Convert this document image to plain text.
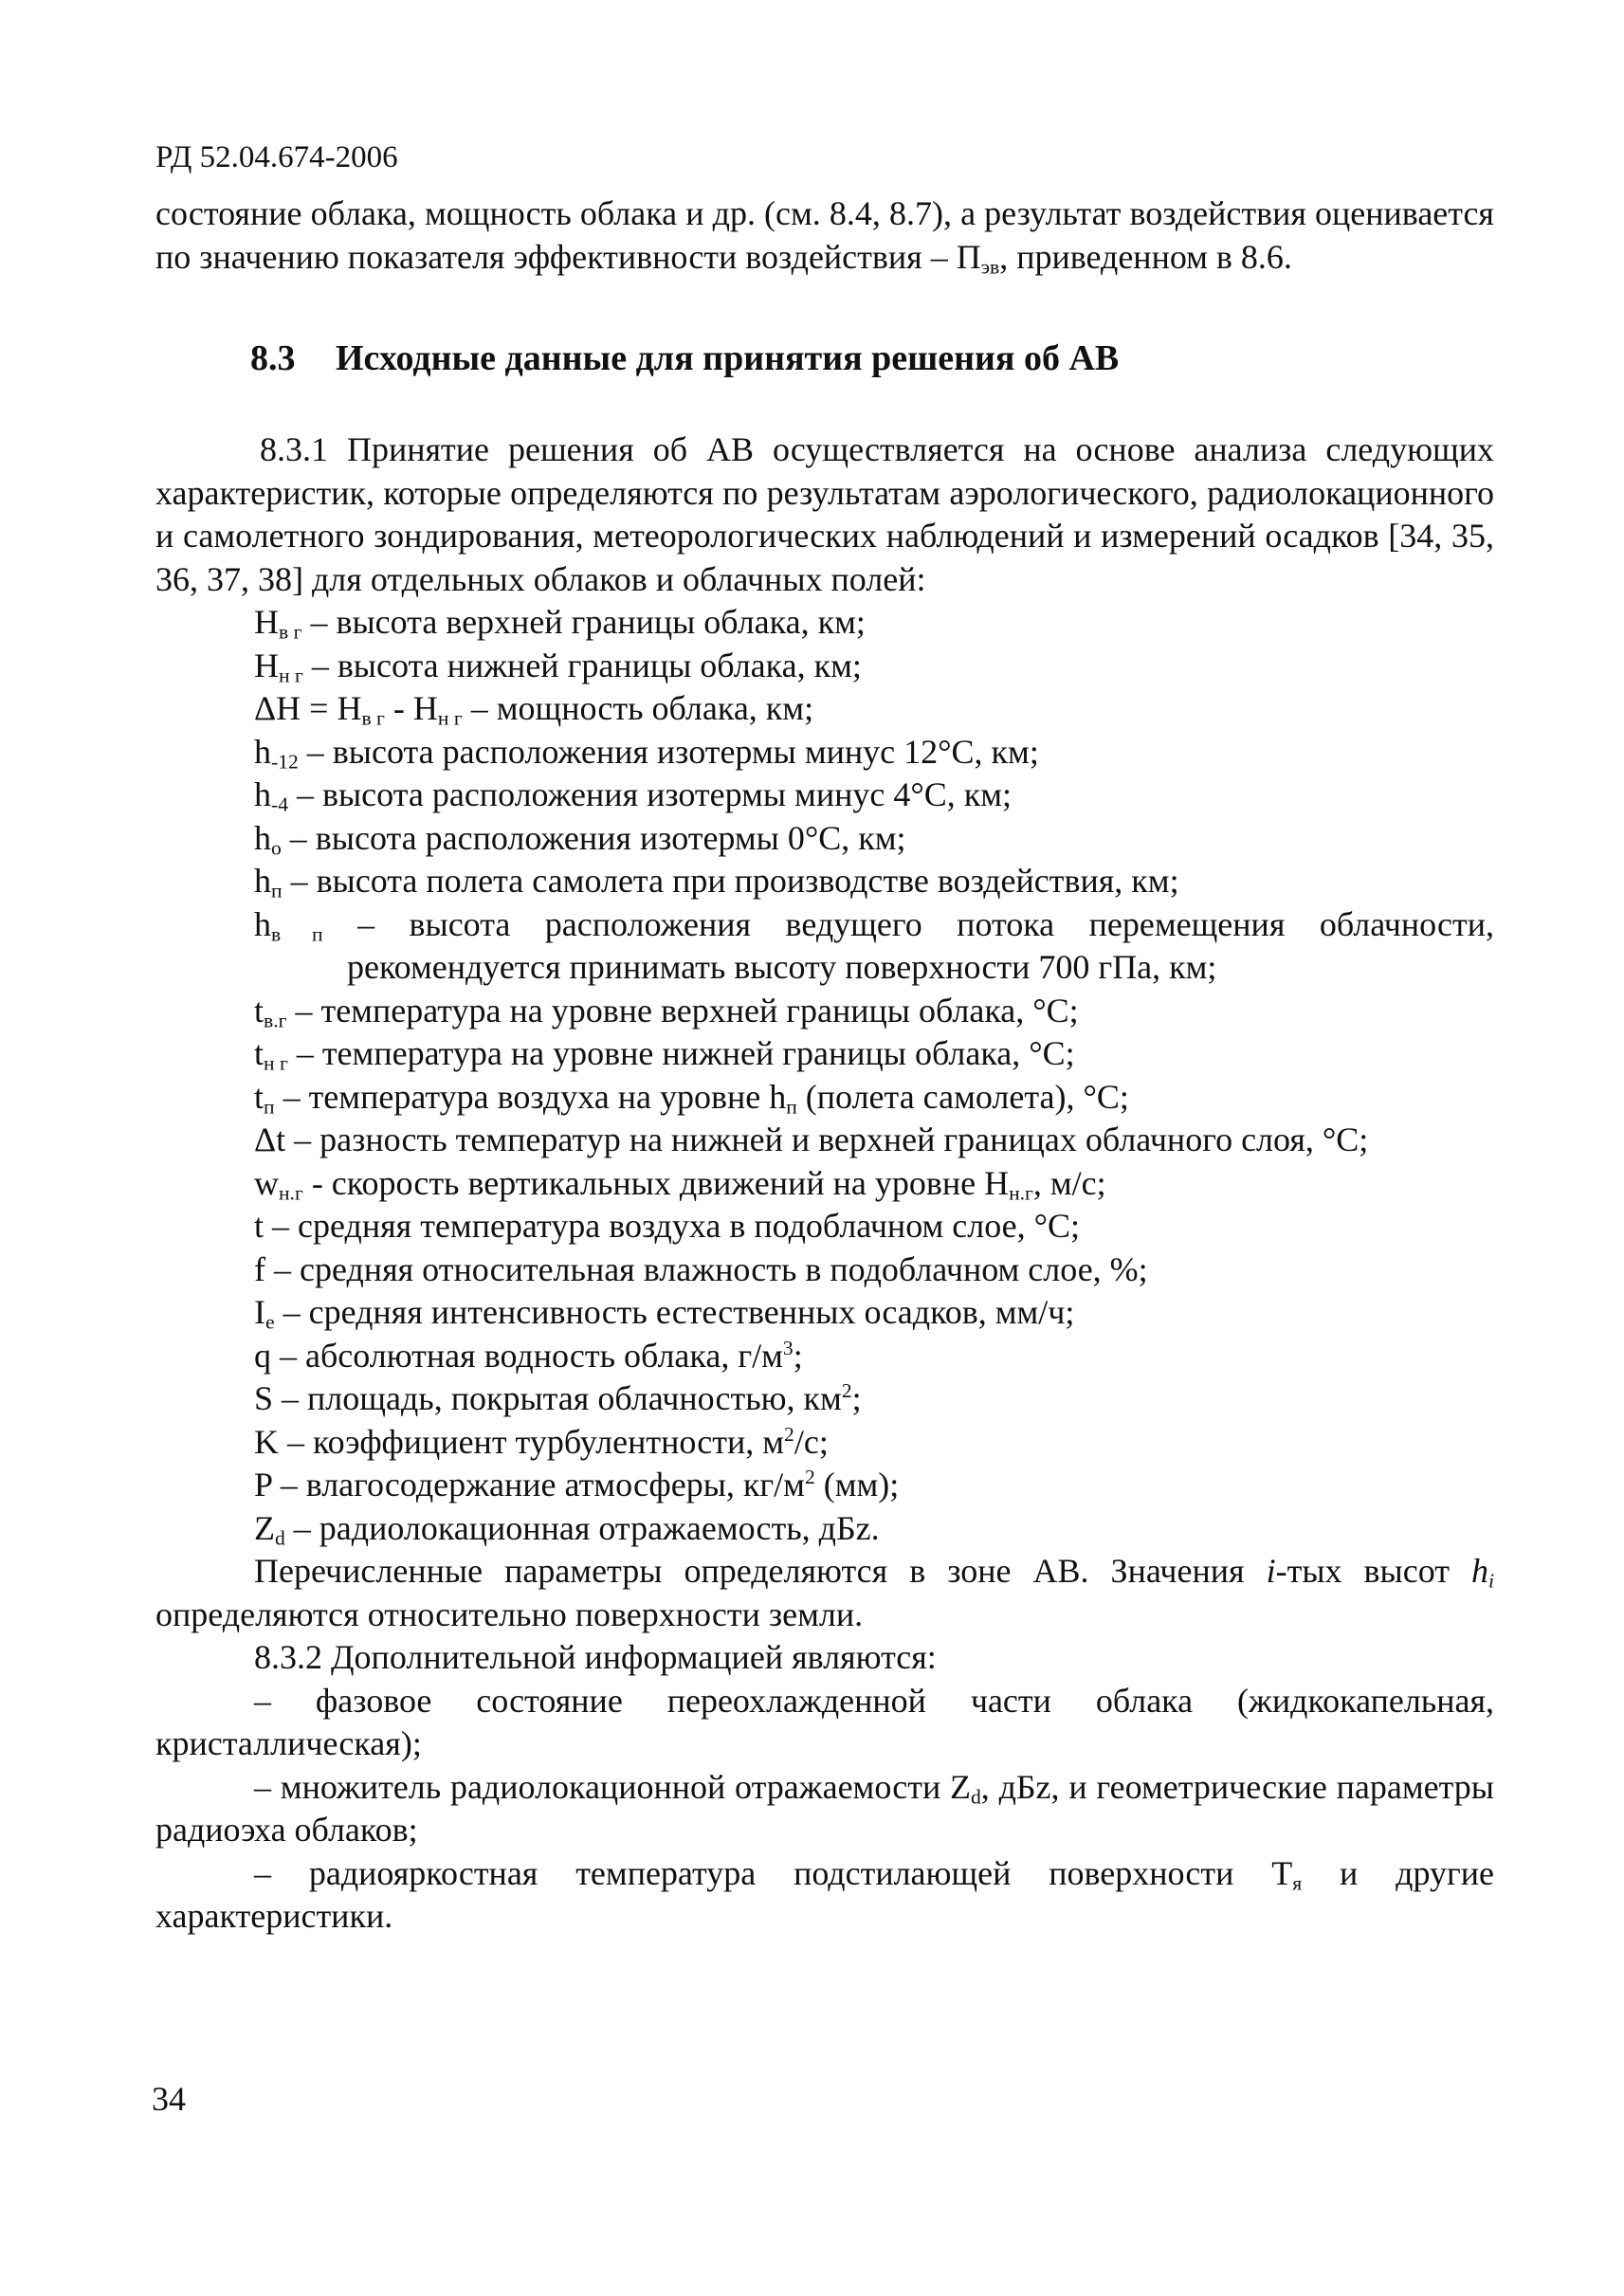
РД 52.04.674-2006

состояние облака, мощность облака и др. (см. 8.4, 8.7), а результат воздействия оценивается по значению показателя эффективности воздействия – $П_{эв}$, приведенном в 8.6.

8.3 Исходные данные для принятия решения об АВ

8.3.1 Принятие решения об АВ осуществляется на основе анализа следующих характеристик, которые определяются по результатам аэрологического, радиолокационного и самолетного зондирования, метеорологических наблюдений и измерений осадков [34, 35, 36, 37, 38] для отдельных облаков и облачных полей:

$H_{в г}$ – высота верхней границы облака, км;

$H_{н г}$ – высота нижней границы облака, км;

$\Delta H = H_{в г} - H_{н г}$ – мощность облака, км;

$h_{-12}$ – высота расположения изотермы минус 12°С, км;

$h_{-4}$ – высота расположения изотермы минус 4°С, км;

$h_о$ – высота расположения изотермы 0°С, км;

$h_п$ – высота полета самолета при производстве воздействия, км;

$h_{в п}$ – высота расположения ведущего потока перемещения облачности,

рекомендуется принимать высоту поверхности 700 гПа, км;

$t_{в.г}$ – температура на уровне верхней границы облака, °С;

$t_{н г}$ – температура на уровне нижней границы облака, °С;

$t_п$ – температура воздуха на уровне $h_п$ (полета самолета), °С;

Δt – разность температур на нижней и верхней границах облачного слоя, °С;

$w_{н.г}$ - скорость вертикальных движений на уровне $H_{н.г}$, м/с;

t – средняя температура воздуха в подоблачном слое, °С;

f – средняя относительная влажность в подоблачном слое, %;

$I_е$ – средняя интенсивность естественных осадков, мм/ч;

q – абсолютная водность облака, $г/м^3$;

S – площадь, покрытая облачностью, $км^2$;

K – коэффициент турбулентности, $м^2/с$;

P – влагосодержание атмосферы, $кг/м^2$ (мм);

$Z_d$ – радиолокационная отражаемость, дБz.

Перечисленные параметры определяются в зоне АВ. Значения i-тых высот $h_i$ определяются относительно поверхности земли.

8.3.2 Дополнительной информацией являются:

– фазовое состояние переохлажденной части облака (жидкокапельная, кристаллическая);

– множитель радиолокационной отражаемости $Z_d$, дБz, и геометрические параметры радиоэха облаков;

– радиояркостная температура подстилающей поверхности $T_я$ и другие характеристики.

34
